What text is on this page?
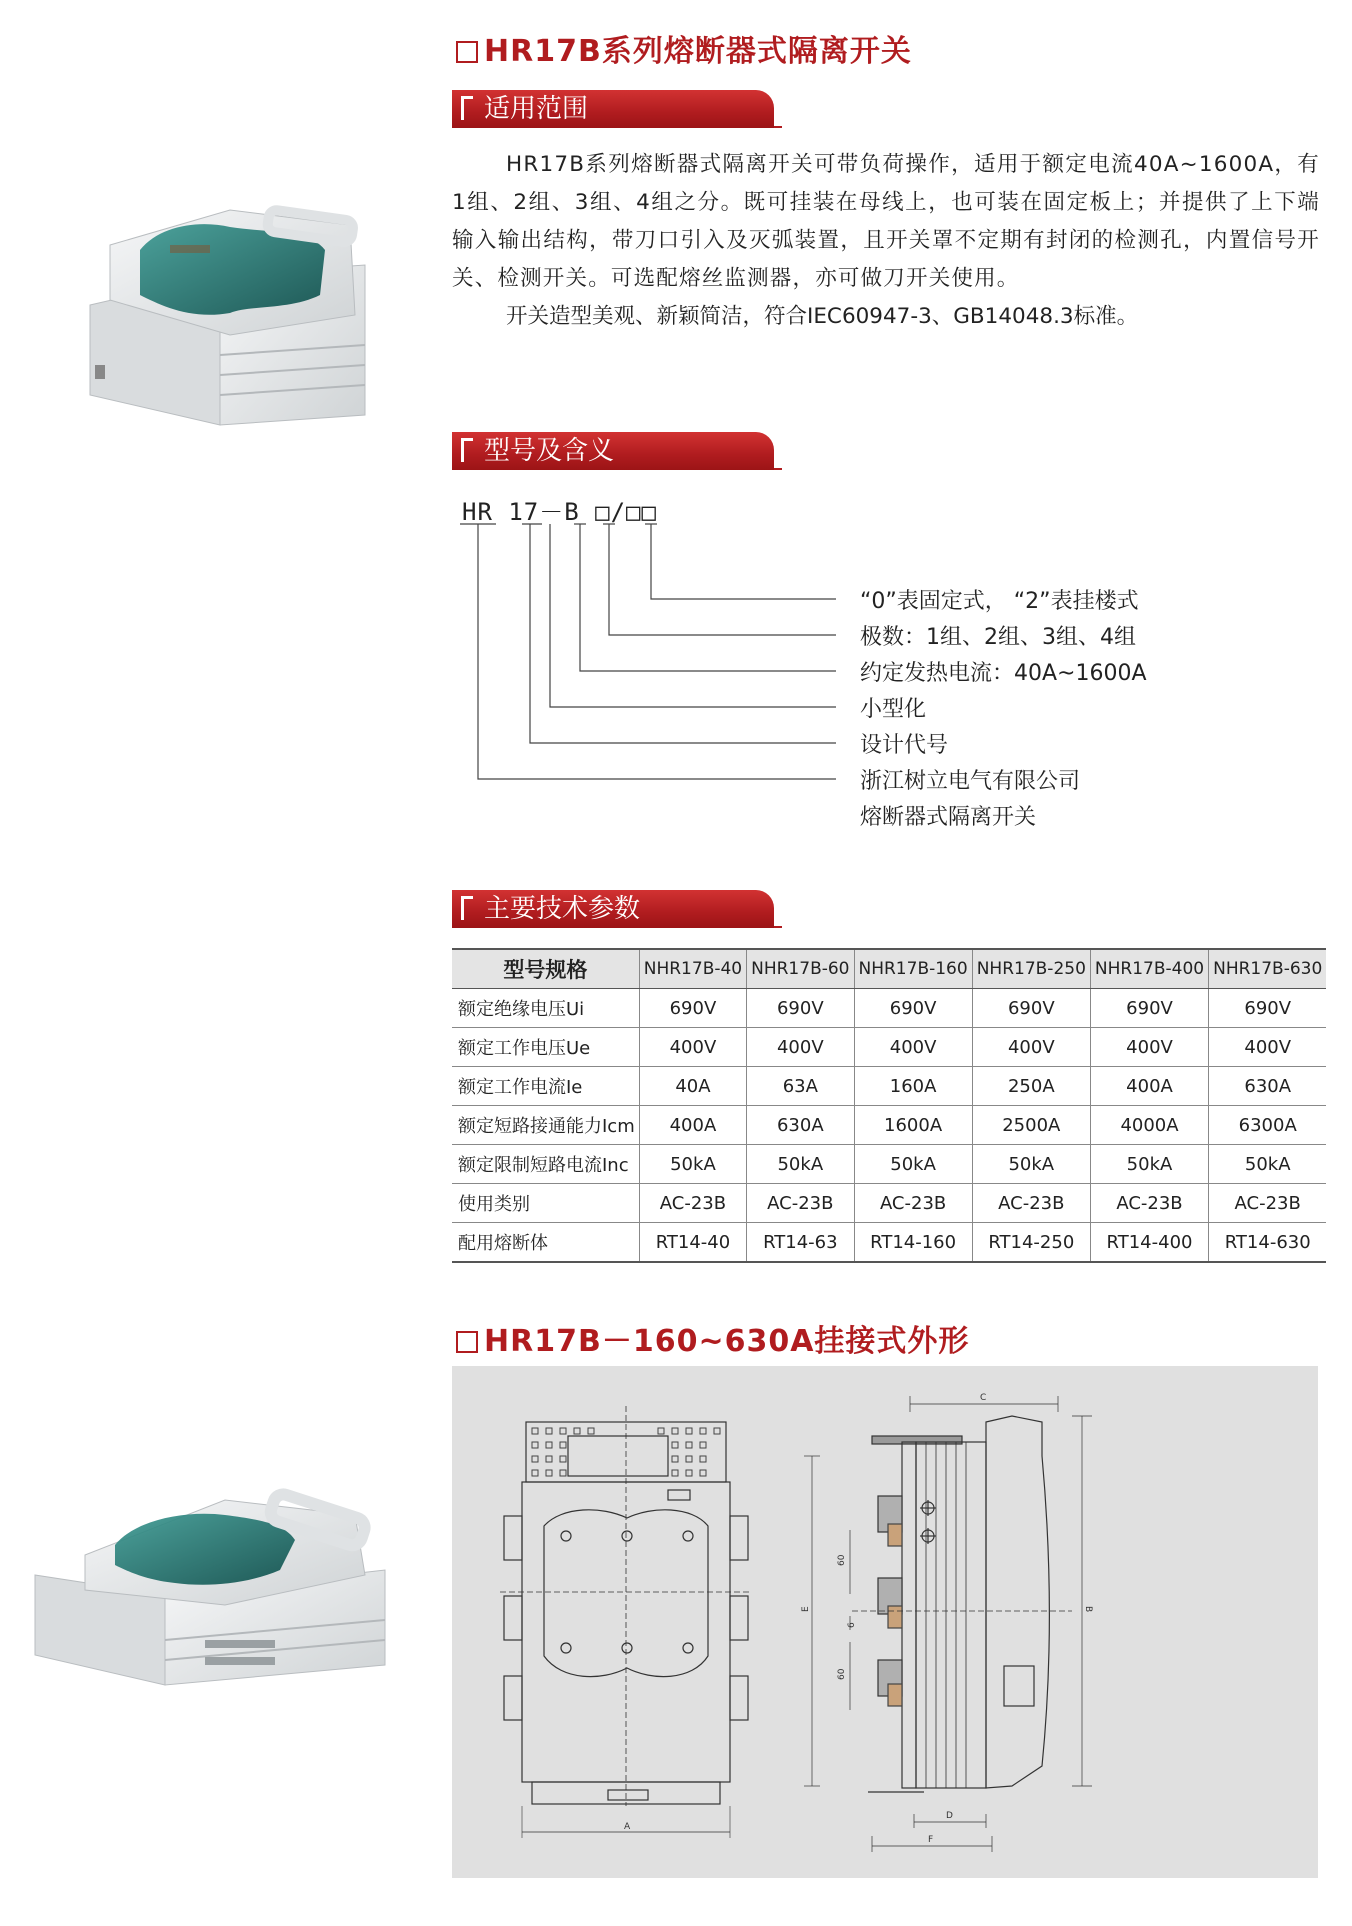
HR17B系列熔断器式隔离开关
适用范围

HR17B系列熔断器式隔离开关可带负荷操作，适用于额定电流40A~1600A，有1组、2组、3组、4组之分。既可挂装在母线上，也可装在固定板上；并提供了上下端输入输出结构，带刀口引入及灭弧装置，且开关罩不定期有封闭的检测孔，内置信号开关、检测开关。可选配熔丝监测器，亦可做刀开关使用。

开关造型美观、新颖简洁，符合IEC60947-3、GB14048.3标准。

型号及含义
HR 17－B □/□□
“0”表固定式， “2”表挂楼式
极数：1组、2组、3组、4组
约定发热电流：40A~1600A
小型化
设计代号
浙江树立电气有限公司
熔断器式隔离开关
主要技术参数
型号规格	NHR17B-40	NHR17B-60	NHR17B-160	NHR17B-250	NHR17B-400	NHR17B-630
额定绝缘电压Ui	690V	690V	690V	690V	690V	690V
额定工作电压Ue	400V	400V	400V	400V	400V	400V
额定工作电流Ie	40A	63A	160A	250A	400A	630A
额定短路接通能力Icm	400A	630A	1600A	2500A	4000A	6300A
额定限制短路电流Inc	50kA	50kA	50kA	50kA	50kA	50kA
使用类别	AC-23B	AC-23B	AC-23B	AC-23B	AC-23B	AC-23B
配用熔断体	RT14-40	RT14-63	RT14-160	RT14-250	RT14-400	RT14-630
HR17B－160~630A挂接式外形
A
C
B
E
60
6
60
D
F
